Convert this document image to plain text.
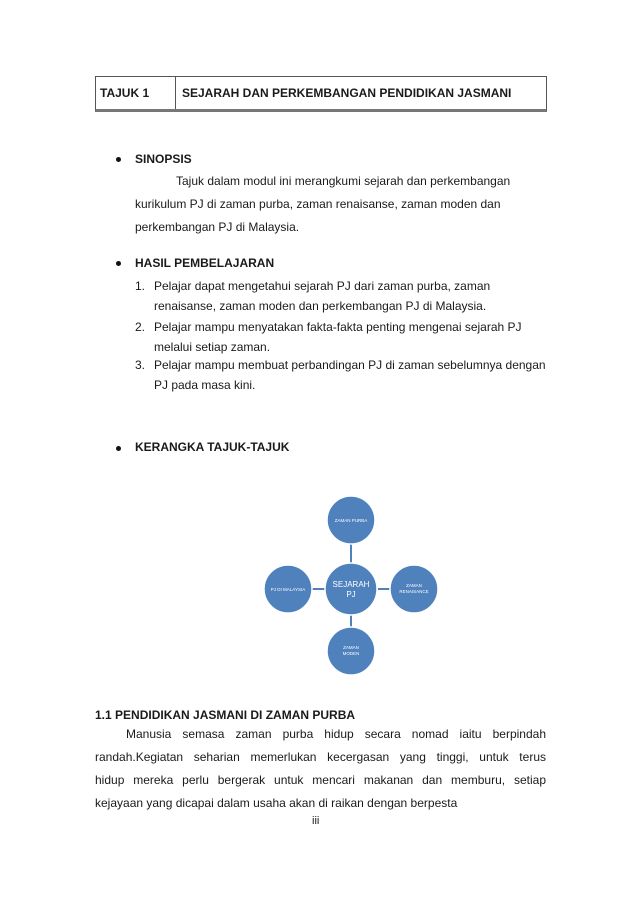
TAJUK 1	SEJARAH DAN PERKEMBANGAN PENDIDIKAN JASMANI
SINOPSIS
Tajuk dalam modul ini merangkumi sejarah dan perkembangan
kurikulum PJ di zaman purba, zaman renaisanse, zaman moden dan
perkembangan PJ di Malaysia.
HASIL PEMBELAJARAN
1. Pelajar dapat mengetahui sejarah PJ dari zaman purba, zaman
renaisanse, zaman moden dan perkembangan PJ di Malaysia.
2. Pelajar mampu menyatakan fakta-fakta penting mengenai sejarah PJ
melalui setiap zaman.
3. Pelajar mampu membuat perbandingan PJ di zaman sebelumnya dengan
PJ pada masa kini.
KERANGKA TAJUK-TAJUK
ZAMAN PURBA
ZAMAN
RENAISANCE
ZAMAN
MODEN
PJ DI MALAYSIA
SEJARAH
PJ
1.1 PENDIDIKAN JASMANI DI ZAMAN PURBA
Manusia semasa zaman purba hidup secara nomad iaitu berpindah
randah.Kegiatan seharian memerlukan kecergasan yang tinggi, untuk terus
hidup mereka perlu bergerak untuk mencari makanan dan memburu, setiap
kejayaan yang dicapai dalam usaha akan di raikan dengan berpesta
iii
